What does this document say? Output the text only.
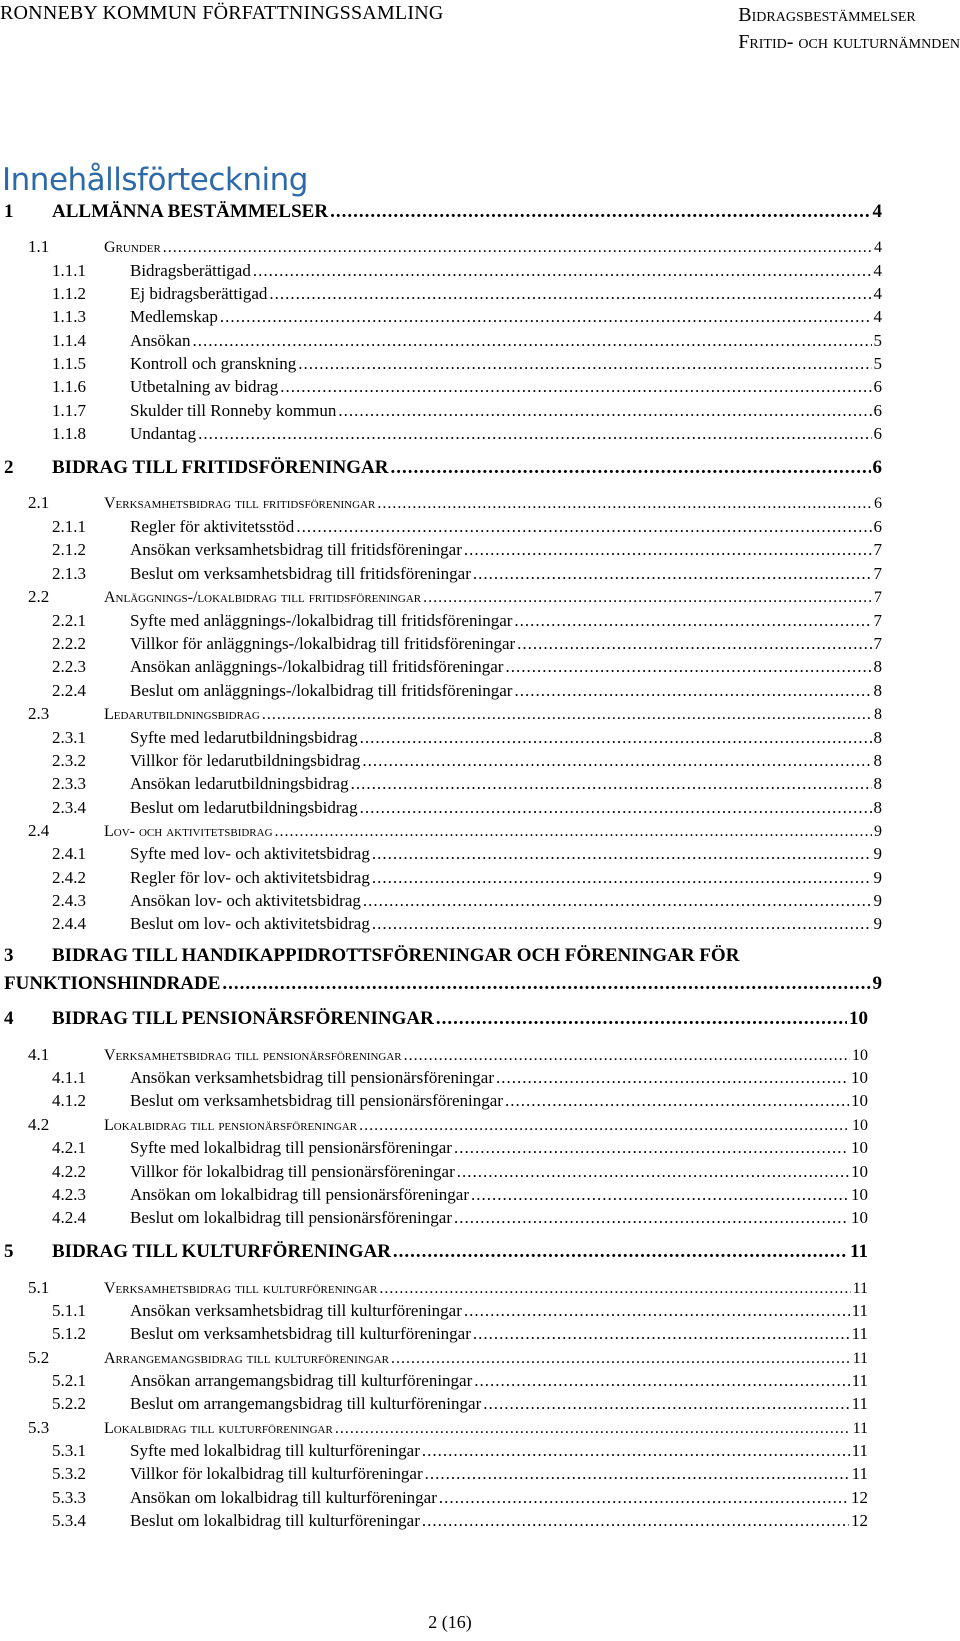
RONNEBY KOMMUN FÖRFATTNINGSSAMLING	Bidragsbestämmelser
Fritid- och kulturnämnden
Innehållsförteckning
1 ALLMÄNNA BESTÄMMELSER .....	4
1.1	Grunder .....	4
1.1.1	Bidragsberättigad .....	4
1.1.2	Ej bidragsberättigad .....	4
1.1.3	Medlemskap .....	4
1.1.4	Ansökan .....	5
1.1.5	Kontroll och granskning .....	5
1.1.6	Utbetalning av bidrag .....	6
1.1.7	Skulder till Ronneby kommun .....	6
1.1.8	Undantag .....	6
2 BIDRAG TILL FRITIDSFÖRENINGAR .....	6
2.1	Verksamhetsbidrag till fritidsföreningar .....	6
2.1.1	Regler för aktivitetsstöd .....	6
2.1.2	Ansökan verksamhetsbidrag till fritidsföreningar .....	7
2.1.3	Beslut om verksamhetsbidrag till fritidsföreningar .....	7
2.2	Anläggnings-/lokalbidrag till fritidsföreningar .....	7
2.2.1	Syfte med anläggnings-/lokalbidrag till fritidsföreningar .....	7
2.2.2	Villkor för anläggnings-/lokalbidrag till fritidsföreningar .....	7
2.2.3	Ansökan anläggnings-/lokalbidrag till fritidsföreningar .....	8
2.2.4	Beslut om anläggnings-/lokalbidrag till fritidsföreningar .....	8
2.3	Ledarutbildningsbidrag .....	8
2.3.1	Syfte med ledarutbildningsbidrag .....	8
2.3.2	Villkor för ledarutbildningsbidrag .....	8
2.3.3	Ansökan ledarutbildningsbidrag .....	8
2.3.4	Beslut om ledarutbildningsbidrag .....	8
2.4	Lov- och aktivitetsbidrag .....	9
2.4.1	Syfte med lov- och aktivitetsbidrag .....	9
2.4.2	Regler för lov- och aktivitetsbidrag .....	9
2.4.3	Ansökan lov- och aktivitetsbidrag .....	9
2.4.4	Beslut om lov- och aktivitetsbidrag .....	9
3 BIDRAG TILL HANDIKAPPIDROTTSFÖRENINGAR OCH FÖRENINGAR FÖR
FUNKTIONSHINDRADE .....	9
4 BIDRAG TILL PENSIONÄRSFÖRENINGAR .....	10
4.1	Verksamhetsbidrag till pensionärsföreningar .....	10
4.1.1	Ansökan verksamhetsbidrag till pensionärsföreningar .....	10
4.1.2	Beslut om verksamhetsbidrag till pensionärsföreningar .....	10
4.2	Lokalbidrag till pensionärsföreningar .....	10
4.2.1	Syfte med lokalbidrag till pensionärsföreningar .....	10
4.2.2	Villkor för lokalbidrag till pensionärsföreningar .....	10
4.2.3	Ansökan om lokalbidrag till pensionärsföreningar .....	10
4.2.4	Beslut om lokalbidrag till pensionärsföreningar .....	10
5 BIDRAG TILL KULTURFÖRENINGAR .....	11
5.1	Verksamhetsbidrag till kulturföreningar .....	11
5.1.1	Ansökan verksamhetsbidrag till kulturföreningar .....	11
5.1.2	Beslut om verksamhetsbidrag till kulturföreningar .....	11
5.2	Arrangemangsbidrag till kulturföreningar .....	11
5.2.1	Ansökan arrangemangsbidrag till kulturföreningar .....	11
5.2.2	Beslut om arrangemangsbidrag till kulturföreningar .....	11
5.3	Lokalbidrag till kulturföreningar .....	11
5.3.1	Syfte med lokalbidrag till kulturföreningar .....	11
5.3.2	Villkor för lokalbidrag till kulturföreningar .....	11
5.3.3	Ansökan om lokalbidrag till kulturföreningar .....	12
5.3.4	Beslut om lokalbidrag till kulturföreningar .....	12
2 (16)
